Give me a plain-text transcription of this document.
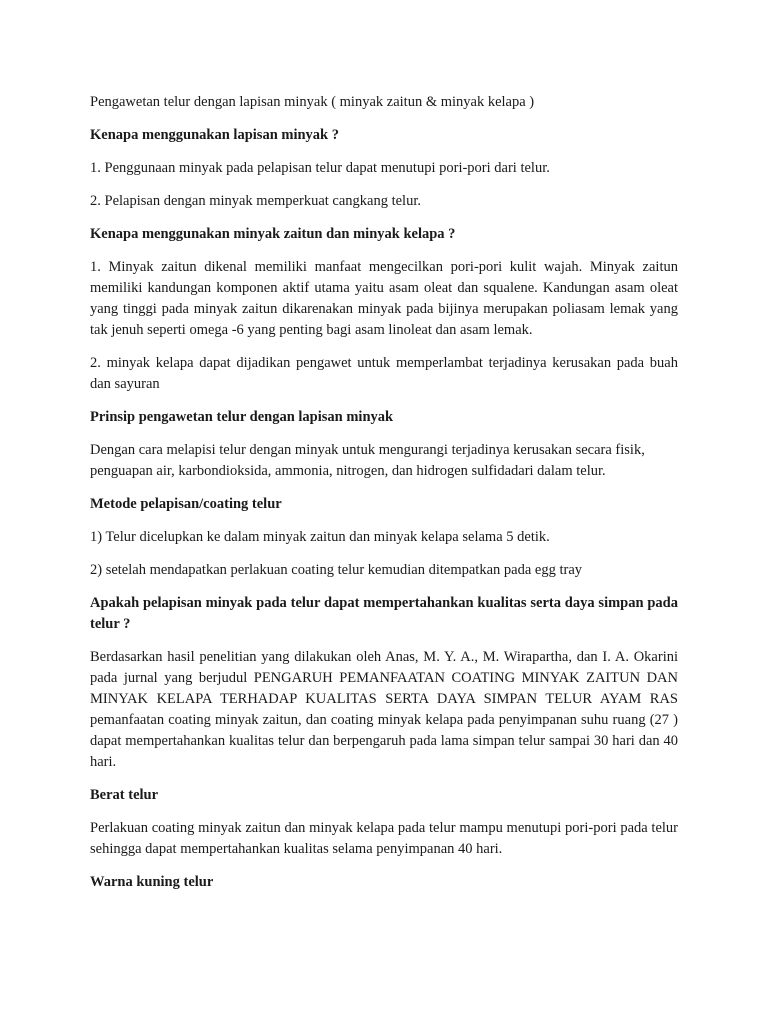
Pengawetan telur dengan lapisan minyak ( minyak zaitun & minyak kelapa )

Kenapa menggunakan lapisan minyak ?

1. Penggunaan minyak pada pelapisan telur dapat menutupi pori-pori dari telur.

2. Pelapisan dengan minyak memperkuat cangkang telur.

Kenapa menggunakan minyak zaitun dan minyak kelapa ?

1. Minyak zaitun dikenal memiliki manfaat mengecilkan pori-pori kulit wajah. Minyak zaitun memiliki kandungan komponen aktif utama yaitu asam oleat dan squalene. Kandungan asam oleat yang tinggi pada minyak zaitun dikarenakan minyak pada bijinya merupakan poliasam lemak yang tak jenuh seperti omega -6 yang penting bagi asam linoleat dan asam lemak.

2. minyak kelapa dapat dijadikan pengawet untuk memperlambat terjadinya kerusakan pada buah dan sayuran

Prinsip pengawetan telur dengan lapisan minyak

Dengan cara melapisi telur dengan minyak untuk mengurangi terjadinya kerusakan secara fisik, penguapan air, karbondioksida, ammonia, nitrogen, dan hidrogen sulfidadari dalam telur.

Metode pelapisan/coating telur

1) Telur dicelupkan ke dalam minyak zaitun dan minyak kelapa selama 5 detik.

2) setelah mendapatkan perlakuan coating telur kemudian ditempatkan pada egg tray

Apakah pelapisan minyak pada telur dapat mempertahankan kualitas serta daya simpan pada telur ?

Berdasarkan hasil penelitian yang dilakukan oleh Anas, M. Y. A., M. Wirapartha, dan I. A. Okarini pada jurnal yang berjudul PENGARUH PEMANFAATAN COATING MINYAK ZAITUN DAN MINYAK KELAPA TERHADAP KUALITAS SERTA DAYA SIMPAN TELUR AYAM RAS pemanfaatan coating minyak zaitun, dan coating minyak kelapa pada penyimpanan suhu ruang (27 ) dapat mempertahankan kualitas telur dan berpengaruh pada lama simpan telur sampai 30 hari dan 40 hari.

Berat telur

Perlakuan coating minyak zaitun dan minyak kelapa pada telur mampu menutupi pori-pori pada telur sehingga dapat mempertahankan kualitas selama penyimpanan 40 hari.

Warna kuning telur
